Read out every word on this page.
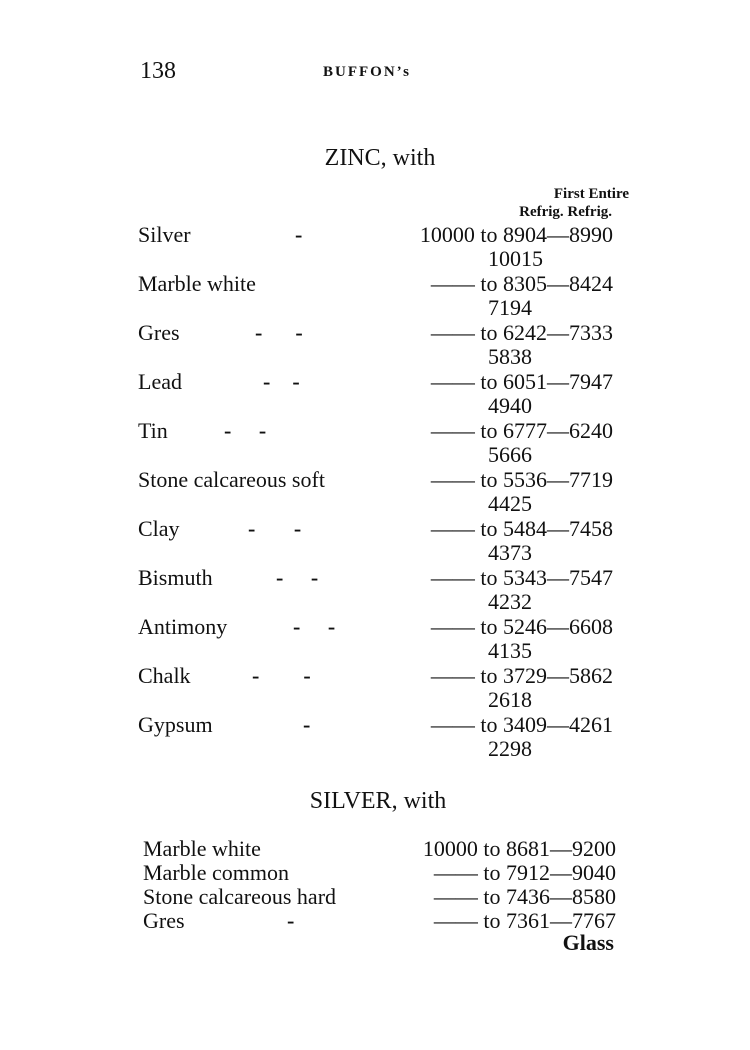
138	BUFFON’s
ZINC, with
First Entire
Refrig. Refrig.
Silver	-	10000 to 8904—8990
10015
Marble white	—— to 8305—8424
7194
Gres	-      -	—— to 6242—7333
5838
Lead	-    -	—— to 6051—7947
4940
Tin	-     -	—— to 6777—6240
5666
Stone calcareous soft	—— to 5536—7719
4425
Clay	-       -	—— to 5484—7458
4373
Bismuth	-     -	—— to 5343—7547
4232
Antimony	-     -	—— to 5246—6608
4135
Chalk	-        -	—— to 3729—5862
2618
Gypsum	-	—— to 3409—4261
2298
SILVER, with
Marble white	10000 to 8681—9200
Marble common	—— to 7912—9040
Stone calcareous hard	—— to 7436—8580
Gres	-	—— to 7361—7767
Glass
